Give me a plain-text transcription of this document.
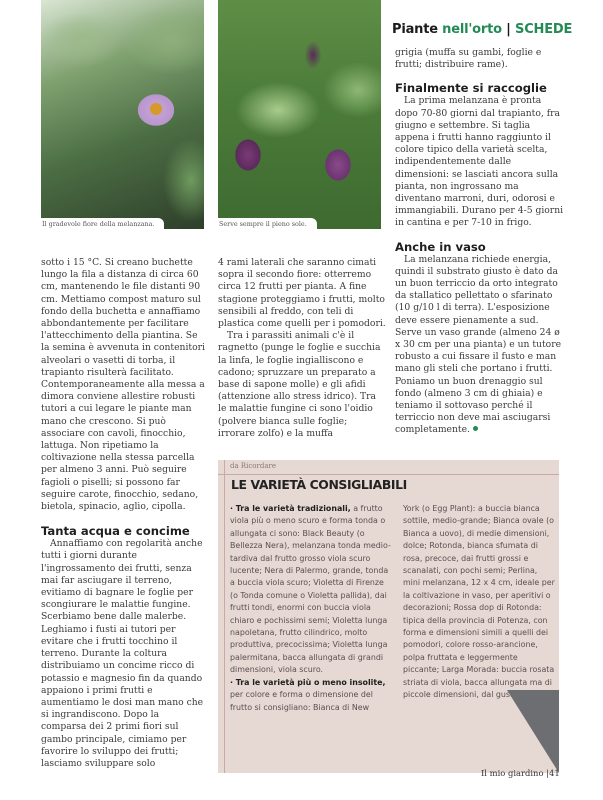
Il gradevole fiore della melanzana.	Serve sempre il pieno sole.
Piante nell'orto | SCHEDE

sotto i 15 °C. Si creano buchette lungo la fila a distanza di circa 60 cm, mantenendo le file distanti 90 cm. Mettiamo compost maturo sul fondo della buchetta e annaffiamo abbondantemente per facilitare l'attecchimento della piantina. Se la semina è avvenuta in contenitori alveolari o vasetti di torba, il trapianto risulterà facilitato. Contemporaneamente alla messa a dimora conviene allestire robusti tutori a cui legare le piante man mano che crescono. Si può associare con cavoli, finocchio, lattuga. Non ripetiamo la coltivazione nella stessa parcella per almeno 3 anni. Può seguire fagioli o piselli; si possono far seguire carote, finocchio, sedano, bietola, spinacio, aglio, cipolla.

Tanta acqua e concime

Annaffiamo con regolarità anche tutti i giorni durante l'ingrossamento dei frutti, senza mai far asciugare il terreno, evitiamo di bagnare le foglie per scongiurare le malattie fungine. Scerbiamo bene dalle malerbe. Leghiamo i fusti ai tutori per evitare che i frutti tocchino il terreno. Durante la coltura distribuiamo un concime ricco di potassio e magnesio fin da quando appaiono i primi frutti e aumentiamo le dosi man mano che si ingrandiscono. Dopo la comparsa dei 2 primi fiori sul gambo principale, cimiamo per favorire lo sviluppo dei frutti; lasciamo sviluppare solo

4 rami laterali che saranno cimati sopra il secondo fiore: otterremo circa 12 frutti per pianta. A fine stagione proteggiamo i frutti, molto sensibili al freddo, con teli di plastica come quelli per i pomodori.

Tra i parassiti animali c'è il ragnetto (punge le foglie e succhia la linfa, le foglie ingialliscono e cadono; spruzzare un preparato a base di sapone molle) e gli afidi (attenzione allo stress idrico). Tra le malattie fungine ci sono l'oidio (polvere bianca sulle foglie; irrorare zolfo) e la muffa

grigia (muffa su gambi, foglie e frutti; distribuire rame).

Finalmente si raccoglie

La prima melanzana è pronta dopo 70-80 giorni dal trapianto, fra giugno e settembre. Si taglia appena i frutti hanno raggiunto il colore tipico della varietà scelta, indipendentemente dalle dimensioni: se lasciati ancora sulla pianta, non ingrossano ma diventano marroni, duri, odorosi e immangiabili. Durano per 4-5 giorni in cantina e per 7-10 in frigo.

Anche in vaso

La melanzana richiede energia, quindi il substrato giusto è dato da un buon terriccio da orto integrato da stallatico pellettato o sfarinato (10 g/10 l di terra). L'esposizione deve essere pienamente a sud. Serve un vaso grande (almeno 24 ø x 30 cm per una pianta) e un tutore robusto a cui fissare il fusto e man mano gli steli che portano i frutti. Poniamo un buon drenaggio sul fondo (almeno 3 cm di ghiaia) e teniamo il sottovaso perché il terriccio non deve mai asciugarsi completamente.

da Ricordare
LE VARIETÀ CONSIGLIABILI

· Tra le varietà tradizionali, a frutto viola più o meno scuro e forma tonda o allungata ci sono: Black Beauty (o Bellezza Nera), melanzana tonda medio-tardiva dal frutto grosso viola scuro lucente; Nera di Palermo, grande, tonda a buccia viola scuro; Violetta di Firenze (o Tonda comune o Violetta pallida), dai frutti tondi, enormi con buccia viola chiaro e pochissimi semi; Violetta lunga napoletana, frutto cilindrico, molto produttiva, precocissima; Violetta lunga palermitana, bacca allungata di grandi dimensioni, viola scuro.

· Tra le varietà più o meno insolite, per colore e forma o dimensione del frutto si consigliano: Bianca di New

York (o Egg Plant): a buccia bianca sottile, medio-grande; Bianca ovale (o Bianca a uovo), di medie dimensioni, dolce; Rotonda, bianca sfumata di rosa, precoce, dai frutti grossi e scanalati, con pochi semi; Perlina, mini melanzana, 12 x 4 cm, ideale per la coltivazione in vaso, per aperitivi o decorazioni; Rossa dop di Rotonda: tipica della provincia di Potenza, con forma e dimensioni simili a quelli dei pomodori, colore rosso-arancione, polpa fruttata e leggermente piccante; Larga Morada: buccia rosata striata di viola, bacca allungata ma di piccole dimensioni, dal gusto delicato.

Il mio giardino |41
